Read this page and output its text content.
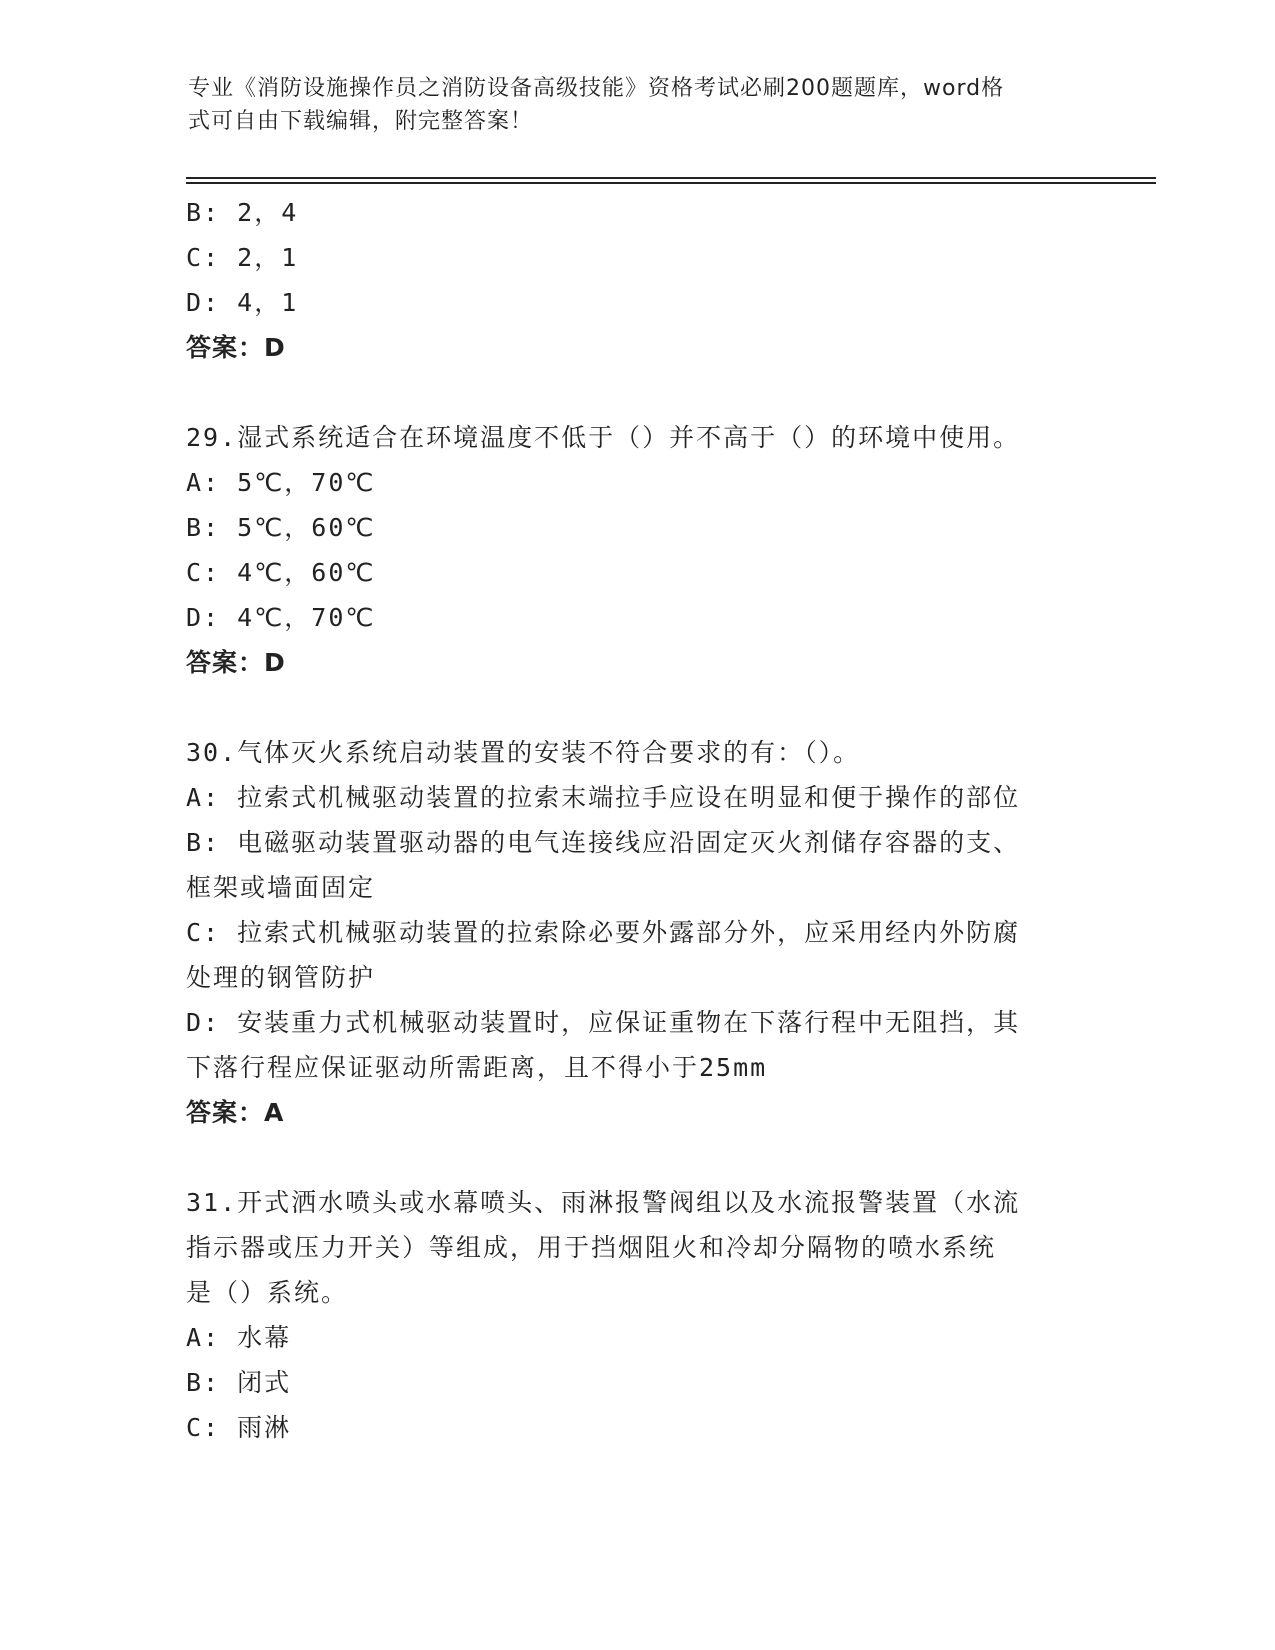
专业《消防设施操作员之消防设备高级技能》资格考试必刷200题题库，word格
式可自由下载编辑，附完整答案！
B: 2，4
C: 2，1
D: 4，1
答案：D
29.湿式系统适合在环境温度不低于（）并不高于（）的环境中使用。
A: 5℃，70℃
B: 5℃，60℃
C: 4℃，60℃
D: 4℃，70℃
答案：D
30.气体灭火系统启动装置的安装不符合要求的有：（）。
A: 拉索式机械驱动装置的拉索末端拉手应设在明显和便于操作的部位
B: 电磁驱动装置驱动器的电气连接线应沿固定灭火剂储存容器的支、
框架或墙面固定
C: 拉索式机械驱动装置的拉索除必要外露部分外，应采用经内外防腐
处理的钢管防护
D: 安装重力式机械驱动装置时，应保证重物在下落行程中无阻挡，其
下落行程应保证驱动所需距离，且不得小于25mm
答案：A
31.开式洒水喷头或水幕喷头、雨淋报警阀组以及水流报警装置（水流
指示器或压力开关）等组成，用于挡烟阻火和冷却分隔物的喷水系统
是（）系统。
A: 水幕
B: 闭式
C: 雨淋
